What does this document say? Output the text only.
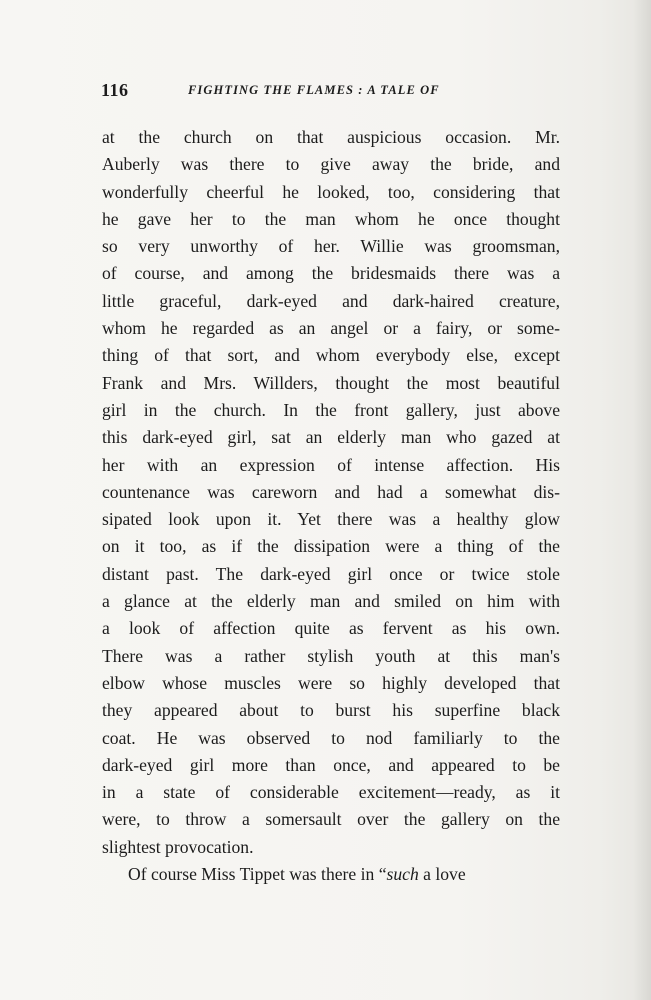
116	FIGHTING THE FLAMES : A TALE OF
at the church on that auspicious occasion. Mr.
Auberly was there to give away the bride, and
wonderfully cheerful he looked, too, considering that
he gave her to the man whom he once thought
so very unworthy of her. Willie was groomsman,
of course, and among the bridesmaids there was a
little graceful, dark-eyed and dark-haired creature,
whom he regarded as an angel or a fairy, or some-
thing of that sort, and whom everybody else, except
Frank and Mrs. Willders, thought the most beautiful
girl in the church. In the front gallery, just above
this dark-eyed girl, sat an elderly man who gazed at
her with an expression of intense affection. His
countenance was careworn and had a somewhat dis-
sipated look upon it. Yet there was a healthy glow
on it too, as if the dissipation were a thing of the
distant past. The dark-eyed girl once or twice stole
a glance at the elderly man and smiled on him with
a look of affection quite as fervent as his own.
There was a rather stylish youth at this man's
elbow whose muscles were so highly developed that
they appeared about to burst his superfine black
coat. He was observed to nod familiarly to the
dark-eyed girl more than once, and appeared to be
in a state of considerable excitement—ready, as it
were, to throw a somersault over the gallery on the
slightest provocation.
Of course Miss Tippet was there in “such a love
